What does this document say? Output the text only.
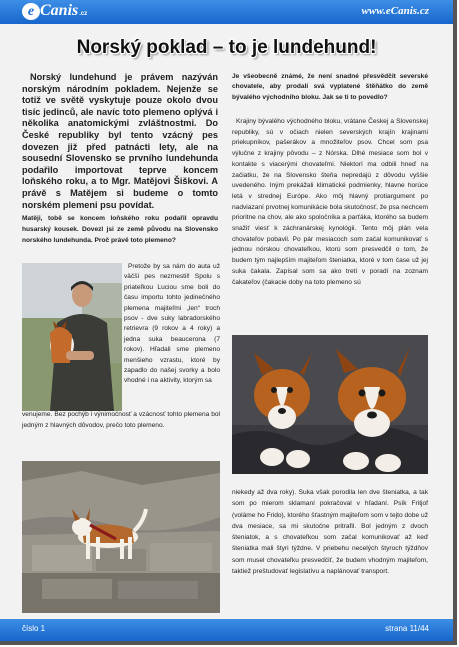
e Canis .cz	www.eCanis.cz
Norský poklad – to je lundehund!
Norský lundehund je právem nazýván norským národním pokladem. Nejenže se totiž ve světě vyskytuje pouze okolo dvou tisíc jedinců, ale navíc toto plemeno oplývá i několika anatomickými zvláštnostmi. Do České republiky byl tento vzácný pes dovezen již před patnácti lety, ale na sousední Slovensko se prvního lundehunda podařilo importovat teprve koncem loňského roku, a to Mgr. Matějovi Šiškovi. A právě s Matějem si budeme o tomto norském plemeni psu povídat.
Matěji, tobě se koncem loňského roku podařil opravdu husarský kousek. Dovezl jsi ze země původu na Slovensko norského lundehunda. Proč právě toto plemeno?
Je všeobecně známé, že není snadné přesvědčit severské chovatele, aby prodali svá vyplatené štěňátko do země bývalého východního bloku. Jak se ti to povedlo?
Krajiny bývalého východného bloku, vrátane Českej a Slovenskej republiky, sú v očiach nielen severských krajín krajinami priekupníkov, pašerákov a množiteľov psov. Chcel som psa výlučne z krajiny pôvodu – z Nórska. Dlhé mesiace som bol v kontakte s viacerými chovateľmi. Niektorí ma odbili hneď na začiatku, že na Slovensko šteňa nepredajú z dôvodu vyššie uvedeného. Iným prekážali klimatické podmienky, hlavne horúce letá v strednej Európe. Ako môj hlavný protiargument po nadviazaní prvotnej komunikácie bola skutočnosť, že psa nechcem prioritne na chov, ale ako spoločníka a parťáka, ktorého sa budem snažiť viesť k záchranárskej kynológii. Tento môj plán vela chovateľov pobavil. Po pár mesiacoch som začal komunikovať s jednou nórskou chovateľkou, ktorú som presvedčil o tom, že budem tým najlepším majiteľom šteniatka, ktoré v tom čase už jej suka čakala. Zapísal som sa ako tretí v poradí na zoznam čakateľov (čakacie doby na toto plemeno sú
Pretože by sa nám do auta už väčší pes nezmestil! Spolu s priateľkou Luciou sme boli do času importu tohto jedinečného plemena majiteľmi „len“ troch psov - dve suky labradorského retrievra (9 rokov a 4 roky) a jedna suka beaucerona (7 rokov). Hľadali sme plemeno menšieho vzrastu, ktoré by zapadlo do našej svorky a bolo vhodné i na aktivity, ktorým sa
venujeme. Bez pochýb i výnimočnosť a vzácnosť tohto plemena bol jedným z hlavných dôvodov, prečo toto plemeno.
niekedy až dva roky). Suka však porodila len dve šteniatka, a tak som po mierom sklamaní pokračoval v hľadaní. Psík Fritjof (voláme ho Frido), ktorého šťastným majiteľom som v tejto dobe už dva mesiace, sa mi skutočne pritrafil. Bol jedným z dvoch šteniatok, a s chovateľkou som začal komunikovať až keď šteniatka mali štyri týždne. V priebehu necelých štyroch týždňov som musel chovateľku presvedčiť, že budem vhodným majiteľom, taktiež preštudovať legislatívu a naplánovať transport.
číslo 1	strana 11/44
